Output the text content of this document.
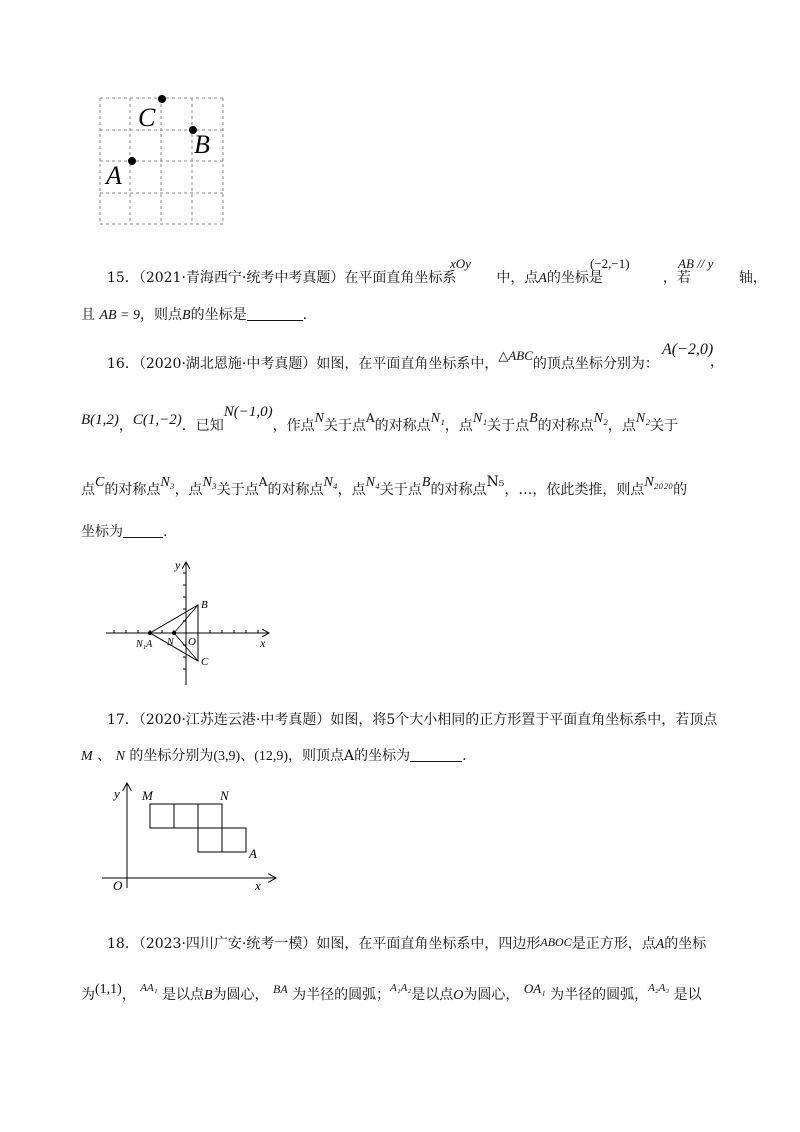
C
B
A
xOy	(−2,−1)	AB // y
15．（2021·青海西宁·统考中考真题）在平面直角坐标系	中，点A的坐标是	，若	轴，
且 AB = 9，则点B的坐标是	.
16．（2020·湖北恩施·中考真题）如图，在平面直角坐标系中，△ABC的顶点坐标分别为：
A(−2,0)
，
B(1,2)，C(1,−2)．已知N(−1,0)，作点N关于点A的对称点N₁，点N₁关于点B的对称点N₂，点N₂关于
点C的对称点N₃，点N₃关于点A的对称点N₄，点N₄关于点B的对称点N₅，…，依此类推，则点N₂₀₂₀的
坐标为	.
y
x
O
B
C
N₁A N
17．（2020·江苏连云港·中考真题）如图，将5个大小相同的正方形置于平面直角坐标系中，若顶点
M 、 N 的坐标分别为(3,9)、(12,9)，则顶点A的坐标为	.
y
x
O
M	N
A
18．（2023·四川广安·统考一模）如图，在平面直角坐标系中，四边形ABOC是正方形，点A的坐标
为(1,1)， $^{AA_1}$ 是以点B为圆心， BA 为半径的圆弧；$^{A_1A_2}$是以点O为圆心， OA₁ 为半径的圆弧，$^{A_2A_3}$ 是以
